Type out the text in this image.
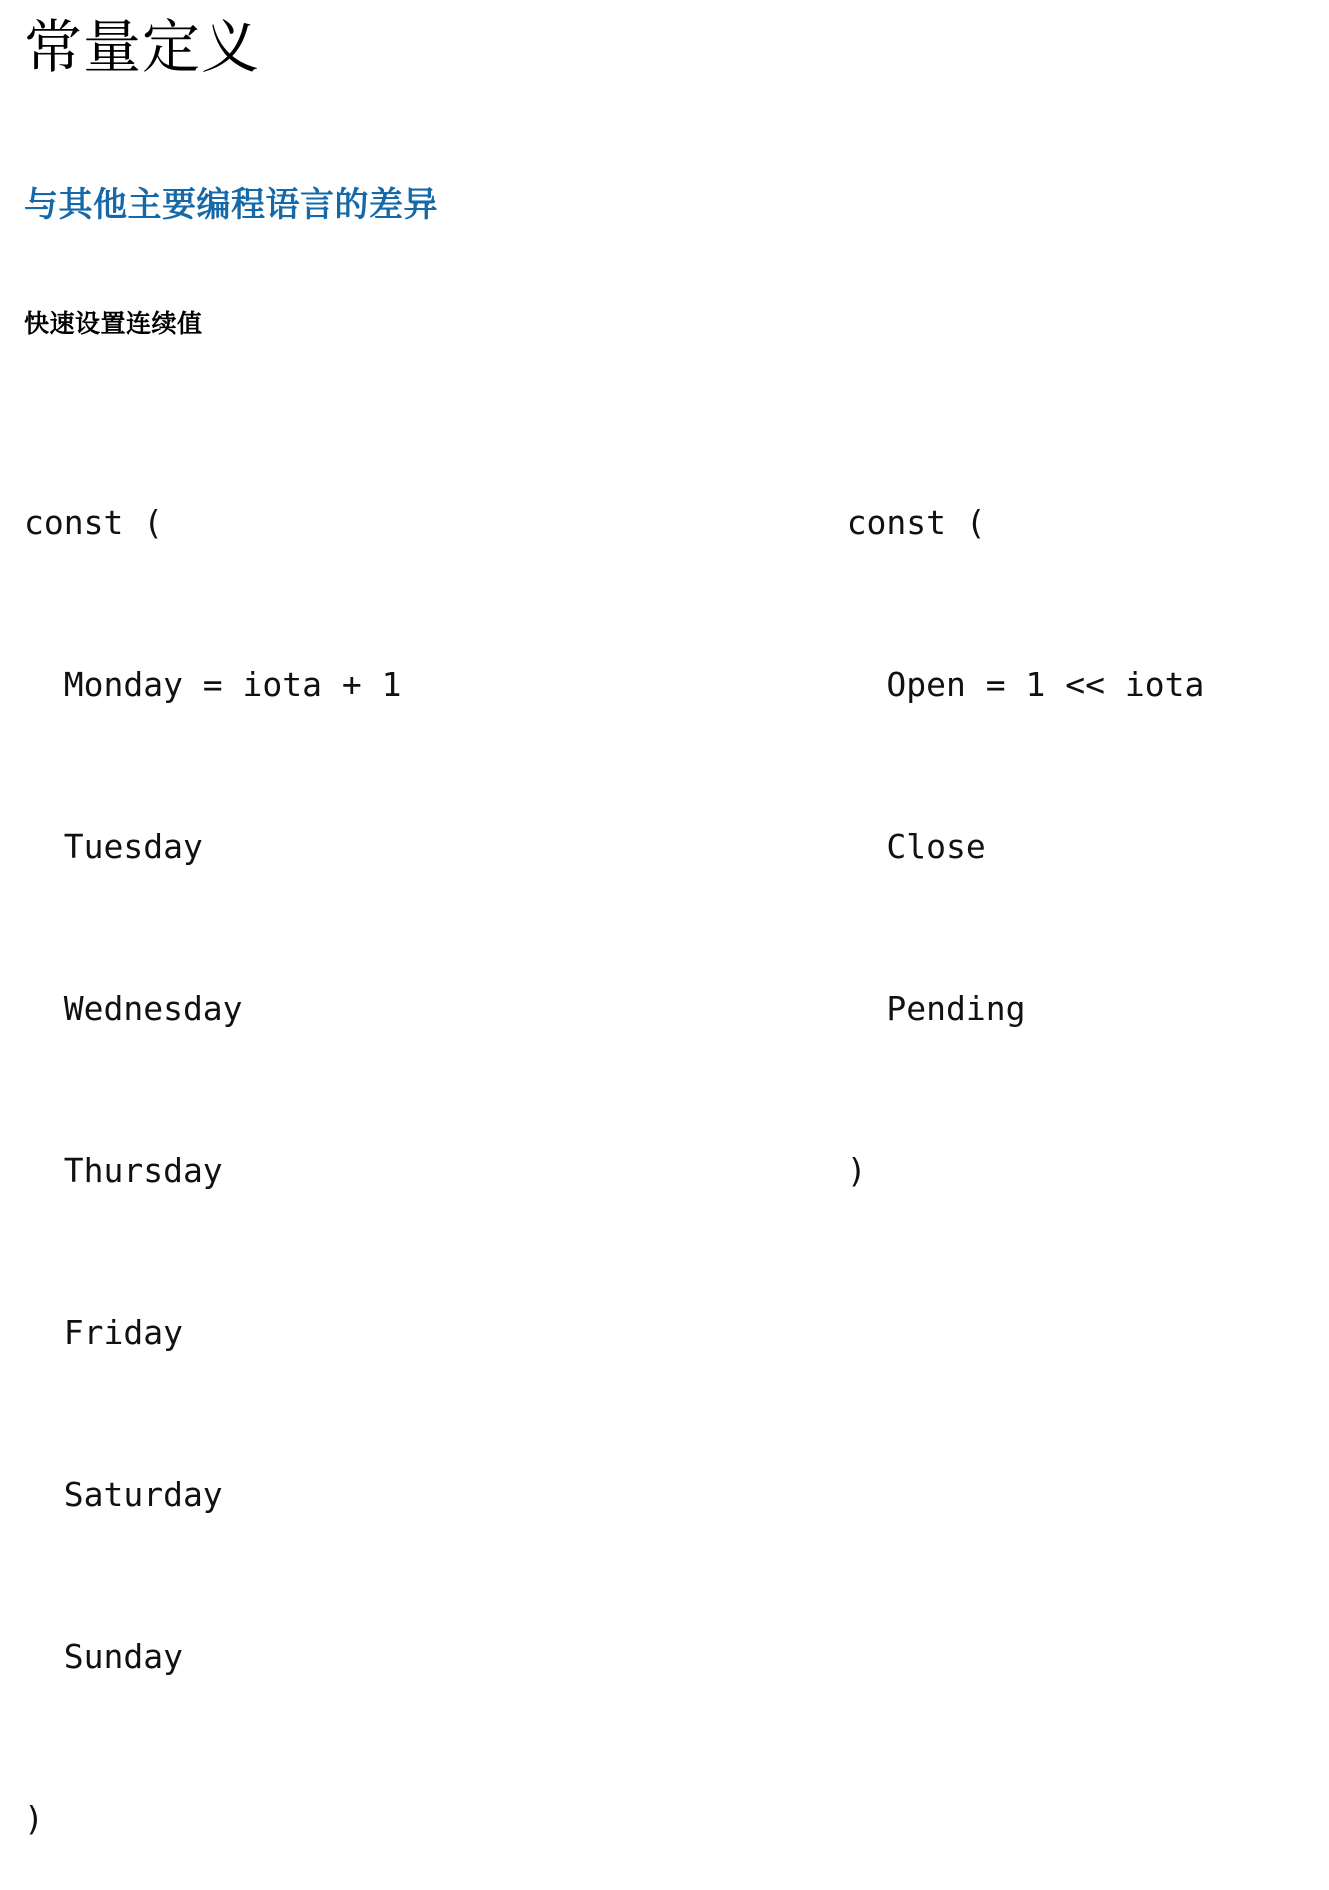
常量定义
与其他主要编程语言的差异
快速设置连续值

const (

Monday = iota + 1

Tuesday

Wednesday

Thursday

Friday

Saturday

Sunday

)

const (

Open = 1 << iota

Close

Pending

)
